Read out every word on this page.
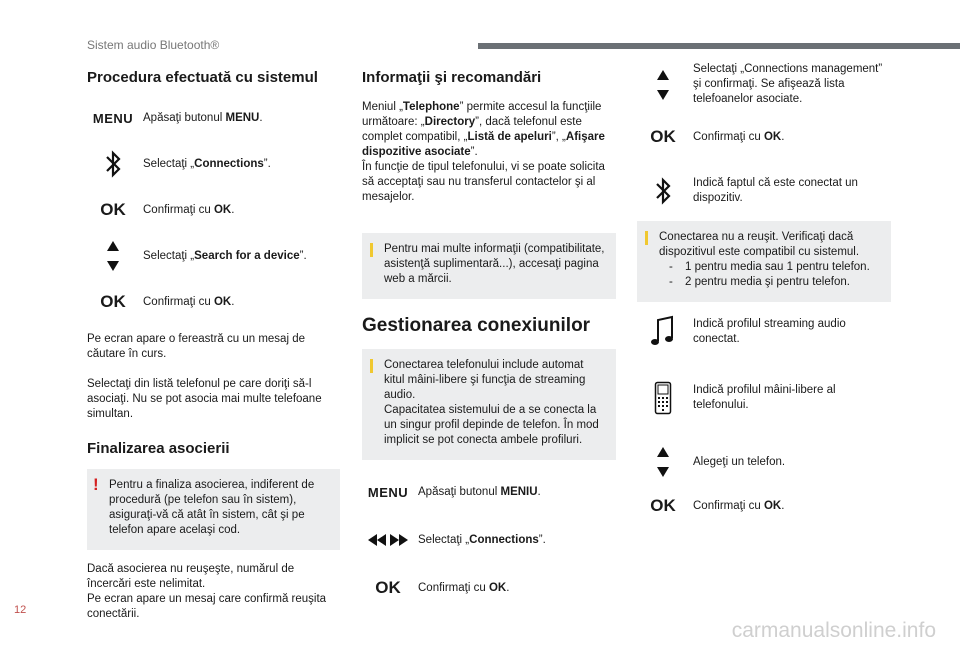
Sistem audio Bluetooth®
Procedura efectuată cu sistemul
MENU Apăsaţi butonul MENU.
Selectaţi „Connections”.
OK	Confirmaţi cu OK.
Selectaţi „Search for a device”.
OK	Confirmaţi cu OK.

Pe ecran apare o fereastră cu un mesaj de căutare în curs.

Selectaţi din listă telefonul pe care doriţi să-l asociaţi. Nu se pot asocia mai multe telefoane simultan.

Finalizarea asocierii
! Pentru a finaliza asocierea, indiferent de procedură (pe telefon sau în sistem), asiguraţi-vă că atât în sistem, cât şi pe telefon apare acelaşi cod.

Dacă asocierea nu reuşeşte, numărul de încercări este nelimitat.

Pe ecran apare un mesaj care confirmă reuşita conectării.

Informaţii şi recomandări

Meniul „Telephone” permite accesul la funcţiile următoare: „Directory”, dacă telefonul este complet compatibil, „Listă de apeluri”, „Afişare dispozitive asociate”.
În funcţie de tipul telefonului, vi se poate solicita să acceptaţi sau nu transferul contactelor şi al mesajelor.

Pentru mai multe informaţii (compatibilitate, asistenţă suplimentară...), accesaţi pagina web a mărcii.
Gestionarea conexiunilor
Conectarea telefonului include automat kitul mâini-libere şi funcţia de streaming audio.
Capacitatea sistemului de a se conecta la un singur profil depinde de telefon. În mod implicit se pot conecta ambele profiluri.
MENU Apăsaţi butonul MENIU.
Selectaţi „Connections”.
OK	Confirmaţi cu OK.
Selectaţi „Connections management” şi confirmaţi. Se afişează lista telefoanelor asociate.
OK	Confirmaţi cu OK.
Indică faptul că este conectat un dispozitiv.
Conectarea nu a reuşit. Verificaţi dacă dispozitivul este compatibil cu sistemul.
-	1 pentru media sau 1 pentru telefon.
-	2 pentru media şi pentru telefon.
Indică profilul streaming audio conectat.
Indică profilul mâini-libere al telefonului.
Alegeţi un telefon.
OK	Confirmaţi cu OK.
12
carmanualsonline.info
